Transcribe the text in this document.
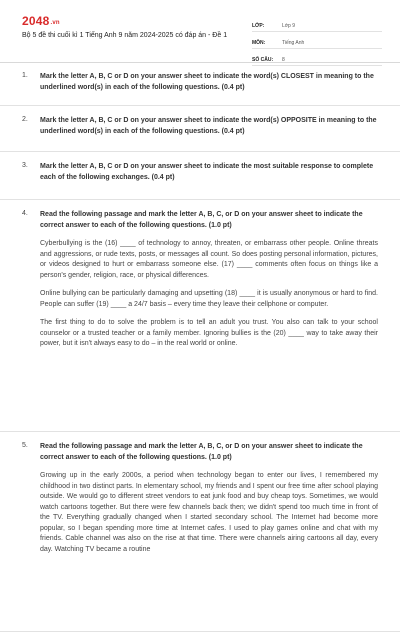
2048.vn
Bộ 5 đề thi cuối kì 1 Tiếng Anh 9 năm 2024-2025 có đáp án - Đề 1
LỚP:	Lớp 9
MÔN:	Tiếng Anh
SỐ CÂU:	8
1. Mark the letter A, B, C or D on your answer sheet to indicate the word(s) CLOSEST in meaning to the underlined word(s) in each of the following questions. (0.4 pt)
2. Mark the letter A, B, C or D on your answer sheet to indicate the word(s) OPPOSITE in meaning to the underlined word(s) in each of the following questions. (0.4 pt)
3. Mark the letter A, B, C or D on your answer sheet to indicate the most suitable response to complete each of the following exchanges. (0.4 pt)
4. Read the following passage and mark the letter A, B, C, or D on your answer sheet to indicate the correct answer to each of the following questions. (1.0 pt)

Cyberbullying is the (16) ____ of technology to annoy, threaten, or embarrass other people. Online threats and aggressions, or rude texts, posts, or messages all count. So does posting personal information, pictures, or videos designed to hurt or embarrass someone else. (17) ____ comments often focus on things like a person's gender, religion, race, or physical differences.

Online bullying can be particularly damaging and upsetting (18) ____ it is usually anonymous or hard to find. People can suffer (19) ____ a 24/7 basis – every time they leave their cellphone or computer.

The first thing to do to solve the problem is to tell an adult you trust. You also can talk to your school counselor or a trusted teacher or a family member. Ignoring bullies is the (20) ____ way to take away their power, but it isn't always easy to do – in the real world or online.

5. Read the following passage and mark the letter A, B, C, or D on your answer sheet to indicate the correct answer to each of the following questions. (1.0 pt)

Growing up in the early 2000s, a period when technology began to enter our lives, I remembered my childhood in two distinct parts. In elementary school, my friends and I spent our free time after school playing outside. We would go to different street vendors to eat junk food and buy cheap toys. Sometimes, we would watch cartoons together. But there were few channels back then; we didn't spend too much time in front of the TV. Everything gradually changed when I started secondary school. The Internet had become more popular, so I began spending more time at Internet cafes. I used to play games online and chat with my friends. Cable channel was also on the rise at that time. There were channels airing cartoons all day, every day. Watching TV became a routine
